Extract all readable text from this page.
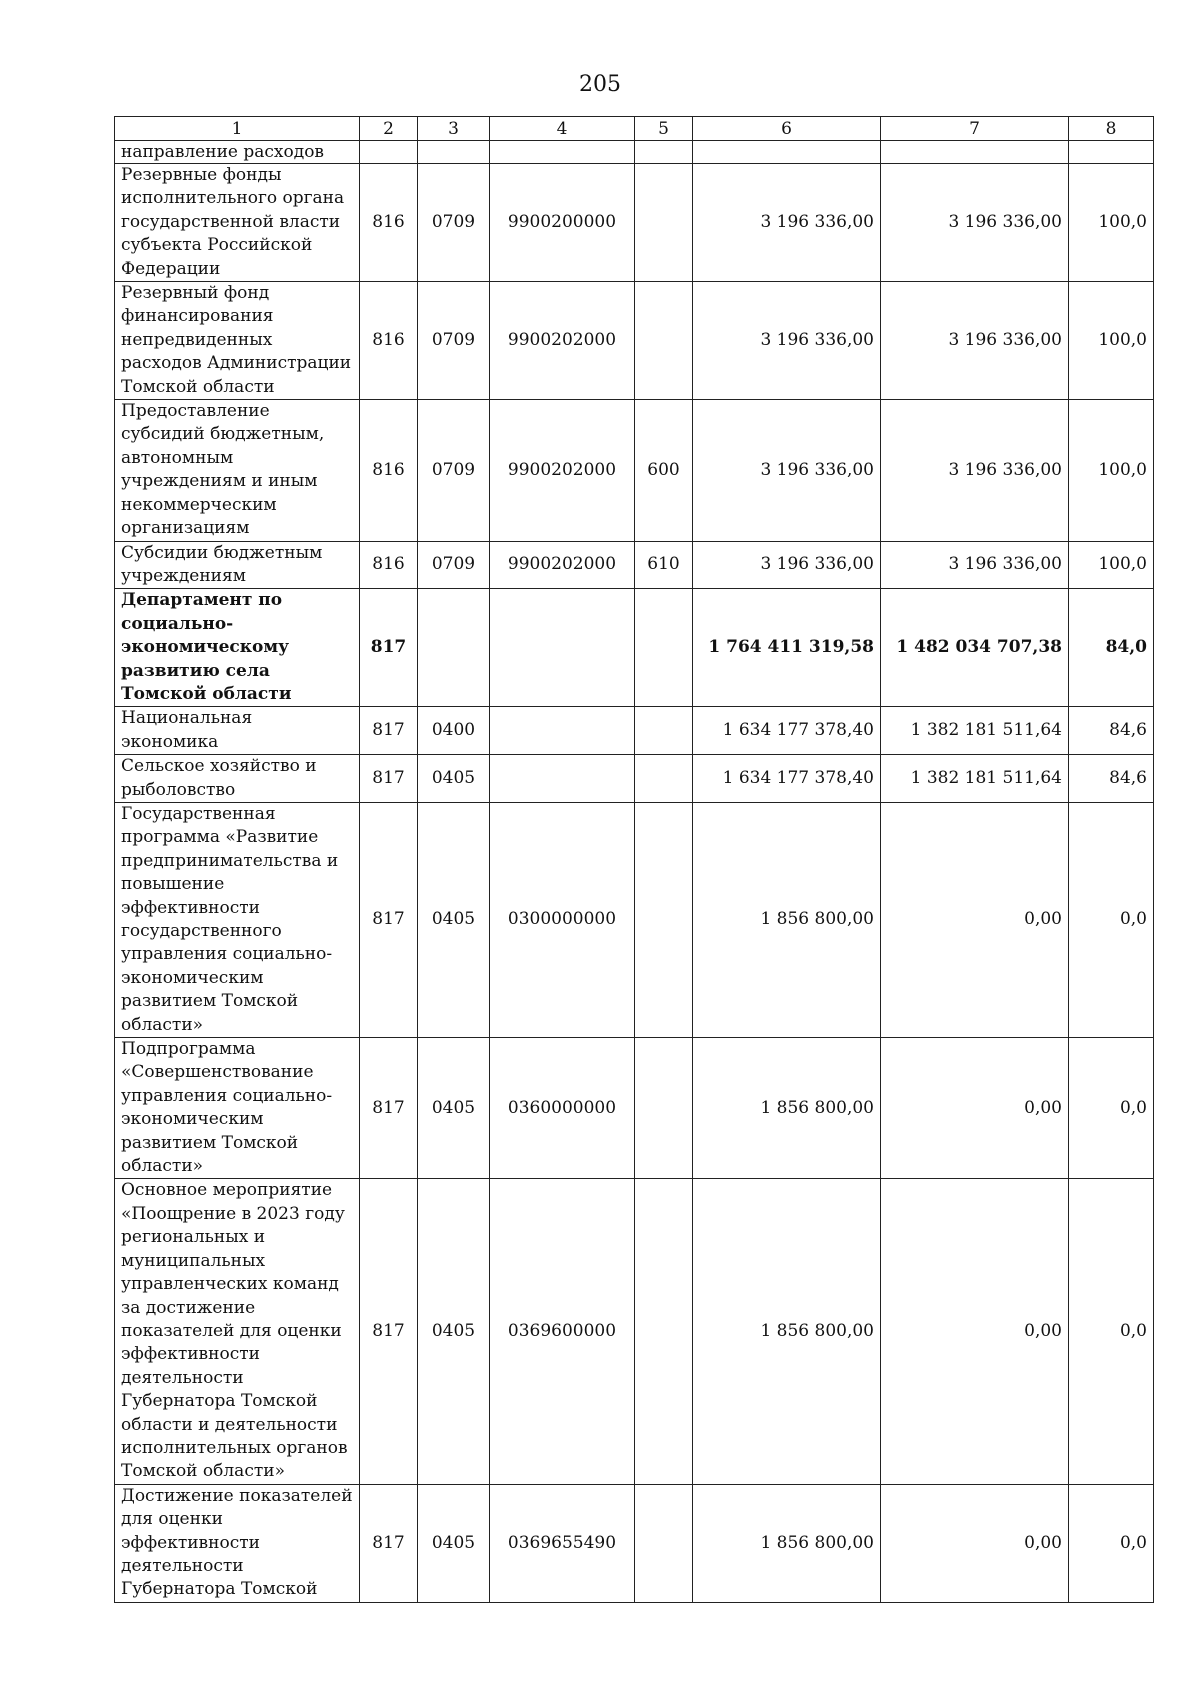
205
1	2	3	4	5	6	7	8
направление расходов							
Резервные фонды исполнительного органа государственной власти субъекта Российской Федерации	816	0709	9900200000		3 196 336,00	3 196 336,00	100,0
Резервный фонд финансирования непредвиденных расходов Администрации Томской области	816	0709	9900202000		3 196 336,00	3 196 336,00	100,0
Предоставление субсидий бюджетным, автономным учреждениям и иным некоммерческим организациям	816	0709	9900202000	600	3 196 336,00	3 196 336,00	100,0
Субсидии бюджетным учреждениям	816	0709	9900202000	610	3 196 336,00	3 196 336,00	100,0
Департамент по социально-экономическому развитию села Томской области	817				1 764 411 319,58	1 482 034 707,38	84,0
Национальная экономика	817	0400			1 634 177 378,40	1 382 181 511,64	84,6
Сельское хозяйство и рыболовство	817	0405			1 634 177 378,40	1 382 181 511,64	84,6
Государственная программа «Развитие предпринимательства и повышение эффективности государственного управления социально-экономическим развитием Томской области»	817	0405	0300000000		1 856 800,00	0,00	0,0
Подпрограмма «Совершенствование управления социально-экономическим развитием Томской области»	817	0405	0360000000		1 856 800,00	0,00	0,0
Основное мероприятие «Поощрение в 2023 году региональных и муниципальных управленческих команд за достижение показателей для оценки эффективности деятельности Губернатора Томской области и деятельности исполнительных органов Томской области»	817	0405	0369600000		1 856 800,00	0,00	0,0
Достижение показателей для оценки эффективности деятельности Губернатора Томской	817	0405	0369655490		1 856 800,00	0,00	0,0
